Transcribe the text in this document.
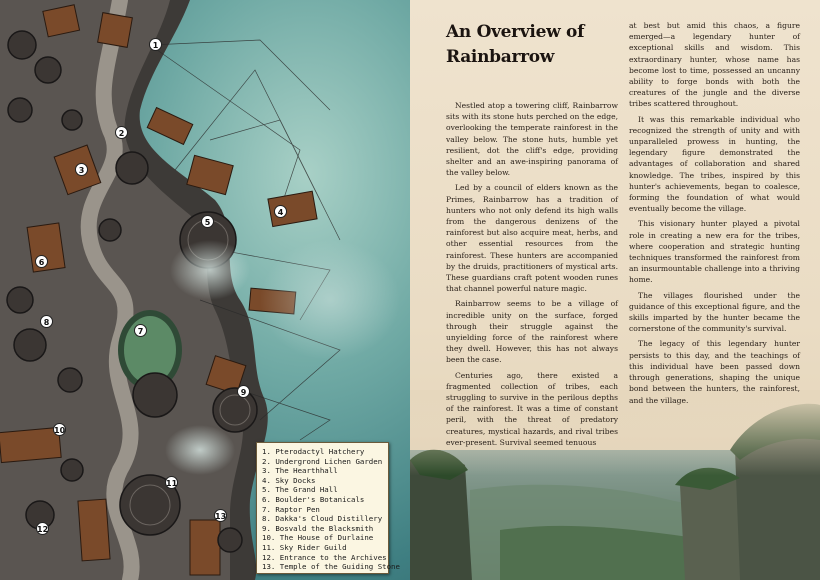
1
2
3
4
5
6
7
8
9
10
11
12
13
1. Pterodactyl Hatchery
2. Undergrond Lichen Garden
3. The Hearthhall
4. Sky Docks
5. The Grand Hall
6. Boulder's Botanicals
7. Raptor Pen
8. Dakka's Cloud Distillery
9. Bosvald the Blacksmith
10. The House of Durlaine
11. Sky Rider Guild
12. Entrance to the Archives
13. Temple of the Guiding Stone
An Overview of
Rainbarrow

Nestled atop a towering cliff, Rainbarrow sits with its stone huts perched on the edge, overlooking the temperate rainforest in the valley below. The stone huts, humble yet resilient, dot the cliff's edge, providing shelter and an awe-inspiring panorama of the valley below.

Led by a council of elders known as the Primes, Rainbarrow has a tradition of hunters who not only defend its high walls from the dangerous denizens of the rainforest but also acquire meat, herbs, and other essential resources from the rainforest. These hunters are accompanied by the druids, practitioners of mystical arts. These guardians craft potent wooden runes that channel powerful nature magic.

Rainbarrow seems to be a village of incredible unity on the surface, forged through their struggle against the unyielding force of the rainforest where they dwell. However, this has not always been the case.

Centuries ago, there existed a fragmented collection of tribes, each struggling to survive in the perilous depths of the rainforest. It was a time of constant peril, with the threat of predatory creatures, mystical hazards, and rival tribes ever-present. Survival seemed tenuous

at best but amid this chaos, a figure emerged—a legendary hunter of exceptional skills and wisdom. This extraordinary hunter, whose name has become lost to time, possessed an uncanny ability to forge bonds with both the creatures of the jungle and the diverse tribes scattered throughout.

It was this remarkable individual who recognized the strength of unity and with unparalleled prowess in hunting, the legendary figure demonstrated the advantages of collaboration and shared knowledge. The tribes, inspired by this hunter's achievements, began to coalesce, forming the foundation of what would eventually become the village.

This visionary hunter played a pivotal role in creating a new era for the tribes, where cooperation and strategic hunting techniques transformed the rainforest from an insurmountable challenge into a thriving home.

The villages flourished under the guidance of this exceptional figure, and the skills imparted by the hunter became the cornerstone of the community's survival.

The legacy of this legendary hunter persists to this day, and the teachings of this individual have been passed down through generations, shaping the unique bond between the hunters, the rainforest, and the village.
